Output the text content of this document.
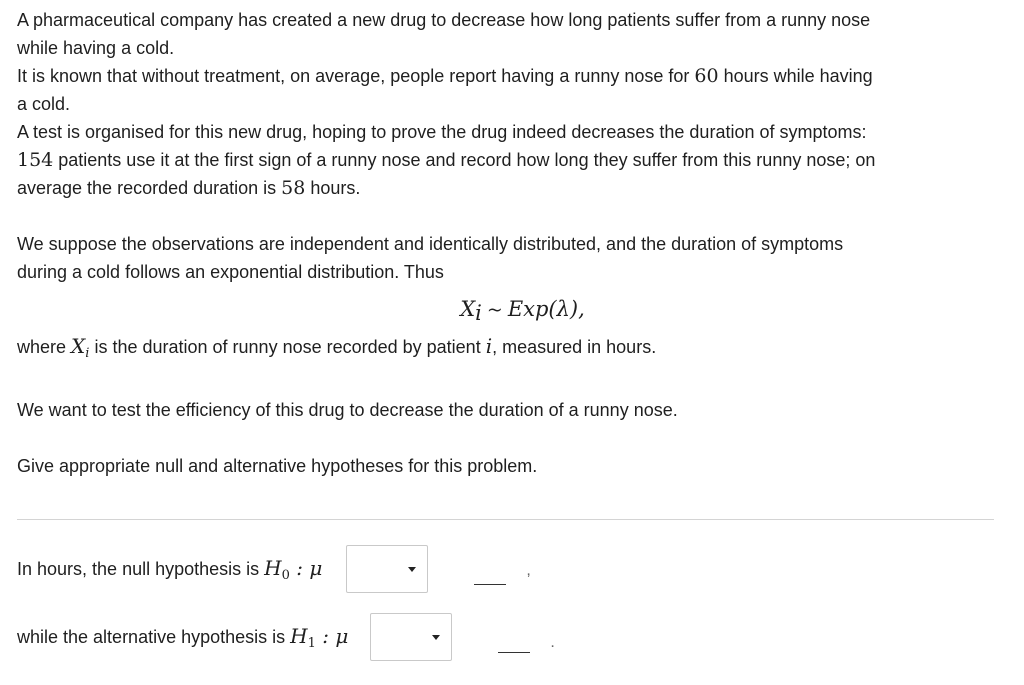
A pharmaceutical company has created a new drug to decrease how long patients suffer from a runny nose

while having a cold.

It is known that without treatment, on average, people report having a runny nose for 60 hours while having

a cold.

A test is organised for this new drug, hoping to prove the drug indeed decreases the duration of symptoms:

154 patients use it at the first sign of a runny nose and record how long they suffer from this runny nose; on

average the recorded duration is 58 hours.

We suppose the observations are independent and identically distributed, and the duration of symptoms

during a cold follows an exponential distribution. Thus

Xi ~ Exp(λ),

where $X_i$ is the duration of runny nose recorded by patient i, measured in hours.

We want to test the efficiency of this drug to decrease the duration of a runny nose.

Give appropriate null and alternative hypotheses for this problem.

In hours, the null hypothesis is $H_0$ : μ	,
while the alternative hypothesis is $H_1$ : μ	.
